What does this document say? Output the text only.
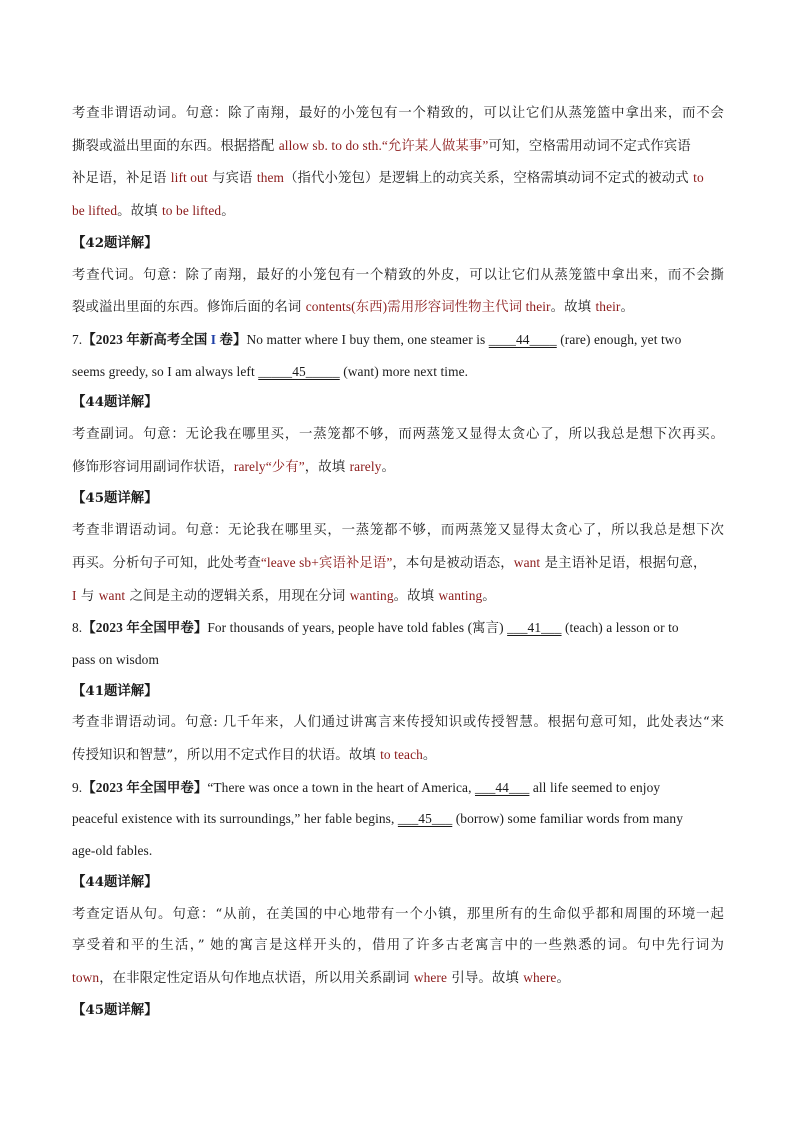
考查非谓语动词。句意：除了南翔，最好的小笼包有一个精致的，可以让它们从蒸笼篮中拿出来，而不会
撕裂或溢出里面的东西。根据搭配 allow sb. to do sth.“允许某人做某事”可知，空格需用动词不定式作宾语
补足语，补足语 lift out 与宾语 them（指代小笼包）是逻辑上的动宾关系，空格需填动词不定式的被动式 to
be lifted。故填 to be lifted。
【42题详解】
考查代词。句意：除了南翔，最好的小笼包有一个精致的外皮，可以让它们从蒸笼篮中拿出来，而不会撕
裂或溢出里面的东西。修饰后面的名词 contents(东西)需用形容词性物主代词 their。故填 their。
7.【2023 年新高考全国 I 卷】No matter where I buy them, one steamer is ____44____ (rare) enough, yet two
seems greedy, so I am always left _____45_____ (want) more next time.
【44题详解】
考查副词。句意：无论我在哪里买，一蒸笼都不够，而两蒸笼又显得太贪心了，所以我总是想下次再买。
修饰形容词用副词作状语，rarely“少有”，故填 rarely。
【45题详解】
考查非谓语动词。句意：无论我在哪里买，一蒸笼都不够，而两蒸笼又显得太贪心了，所以我总是想下次
再买。分析句子可知，此处考查“leave sb+宾语补足语”，本句是被动语态，want 是主语补足语，根据句意，
I 与 want 之间是主动的逻辑关系，用现在分词 wanting。故填 wanting。
8.【2023 年全国甲卷】For thousands of years, people have told fables (寓言) ___41___ (teach) a lesson or to
pass on wisdom
【41题详解】
考查非谓语动词。句意: 几千年来，人们通过讲寓言来传授知识或传授智慧。根据句意可知，此处表达“来
传授知识和智慧”，所以用不定式作目的状语。故填 to teach。
9.【2023 年全国甲卷】“There was once a town in the heart of America, ___44___ all life seemed to enjoy
peaceful existence with its surroundings,” her fable begins, ___45___ (borrow) some familiar words from many
age-old fables.
【44题详解】
考查定语从句。句意：“从前，在美国的中心地带有一个小镇，那里所有的生命似乎都和周围的环境一起
享受着和平的生活，” 她的寓言是这样开头的，借用了许多古老寓言中的一些熟悉的词。句中先行词为
town，在非限定性定语从句作地点状语，所以用关系副词 where 引导。故填 where。
【45题详解】
